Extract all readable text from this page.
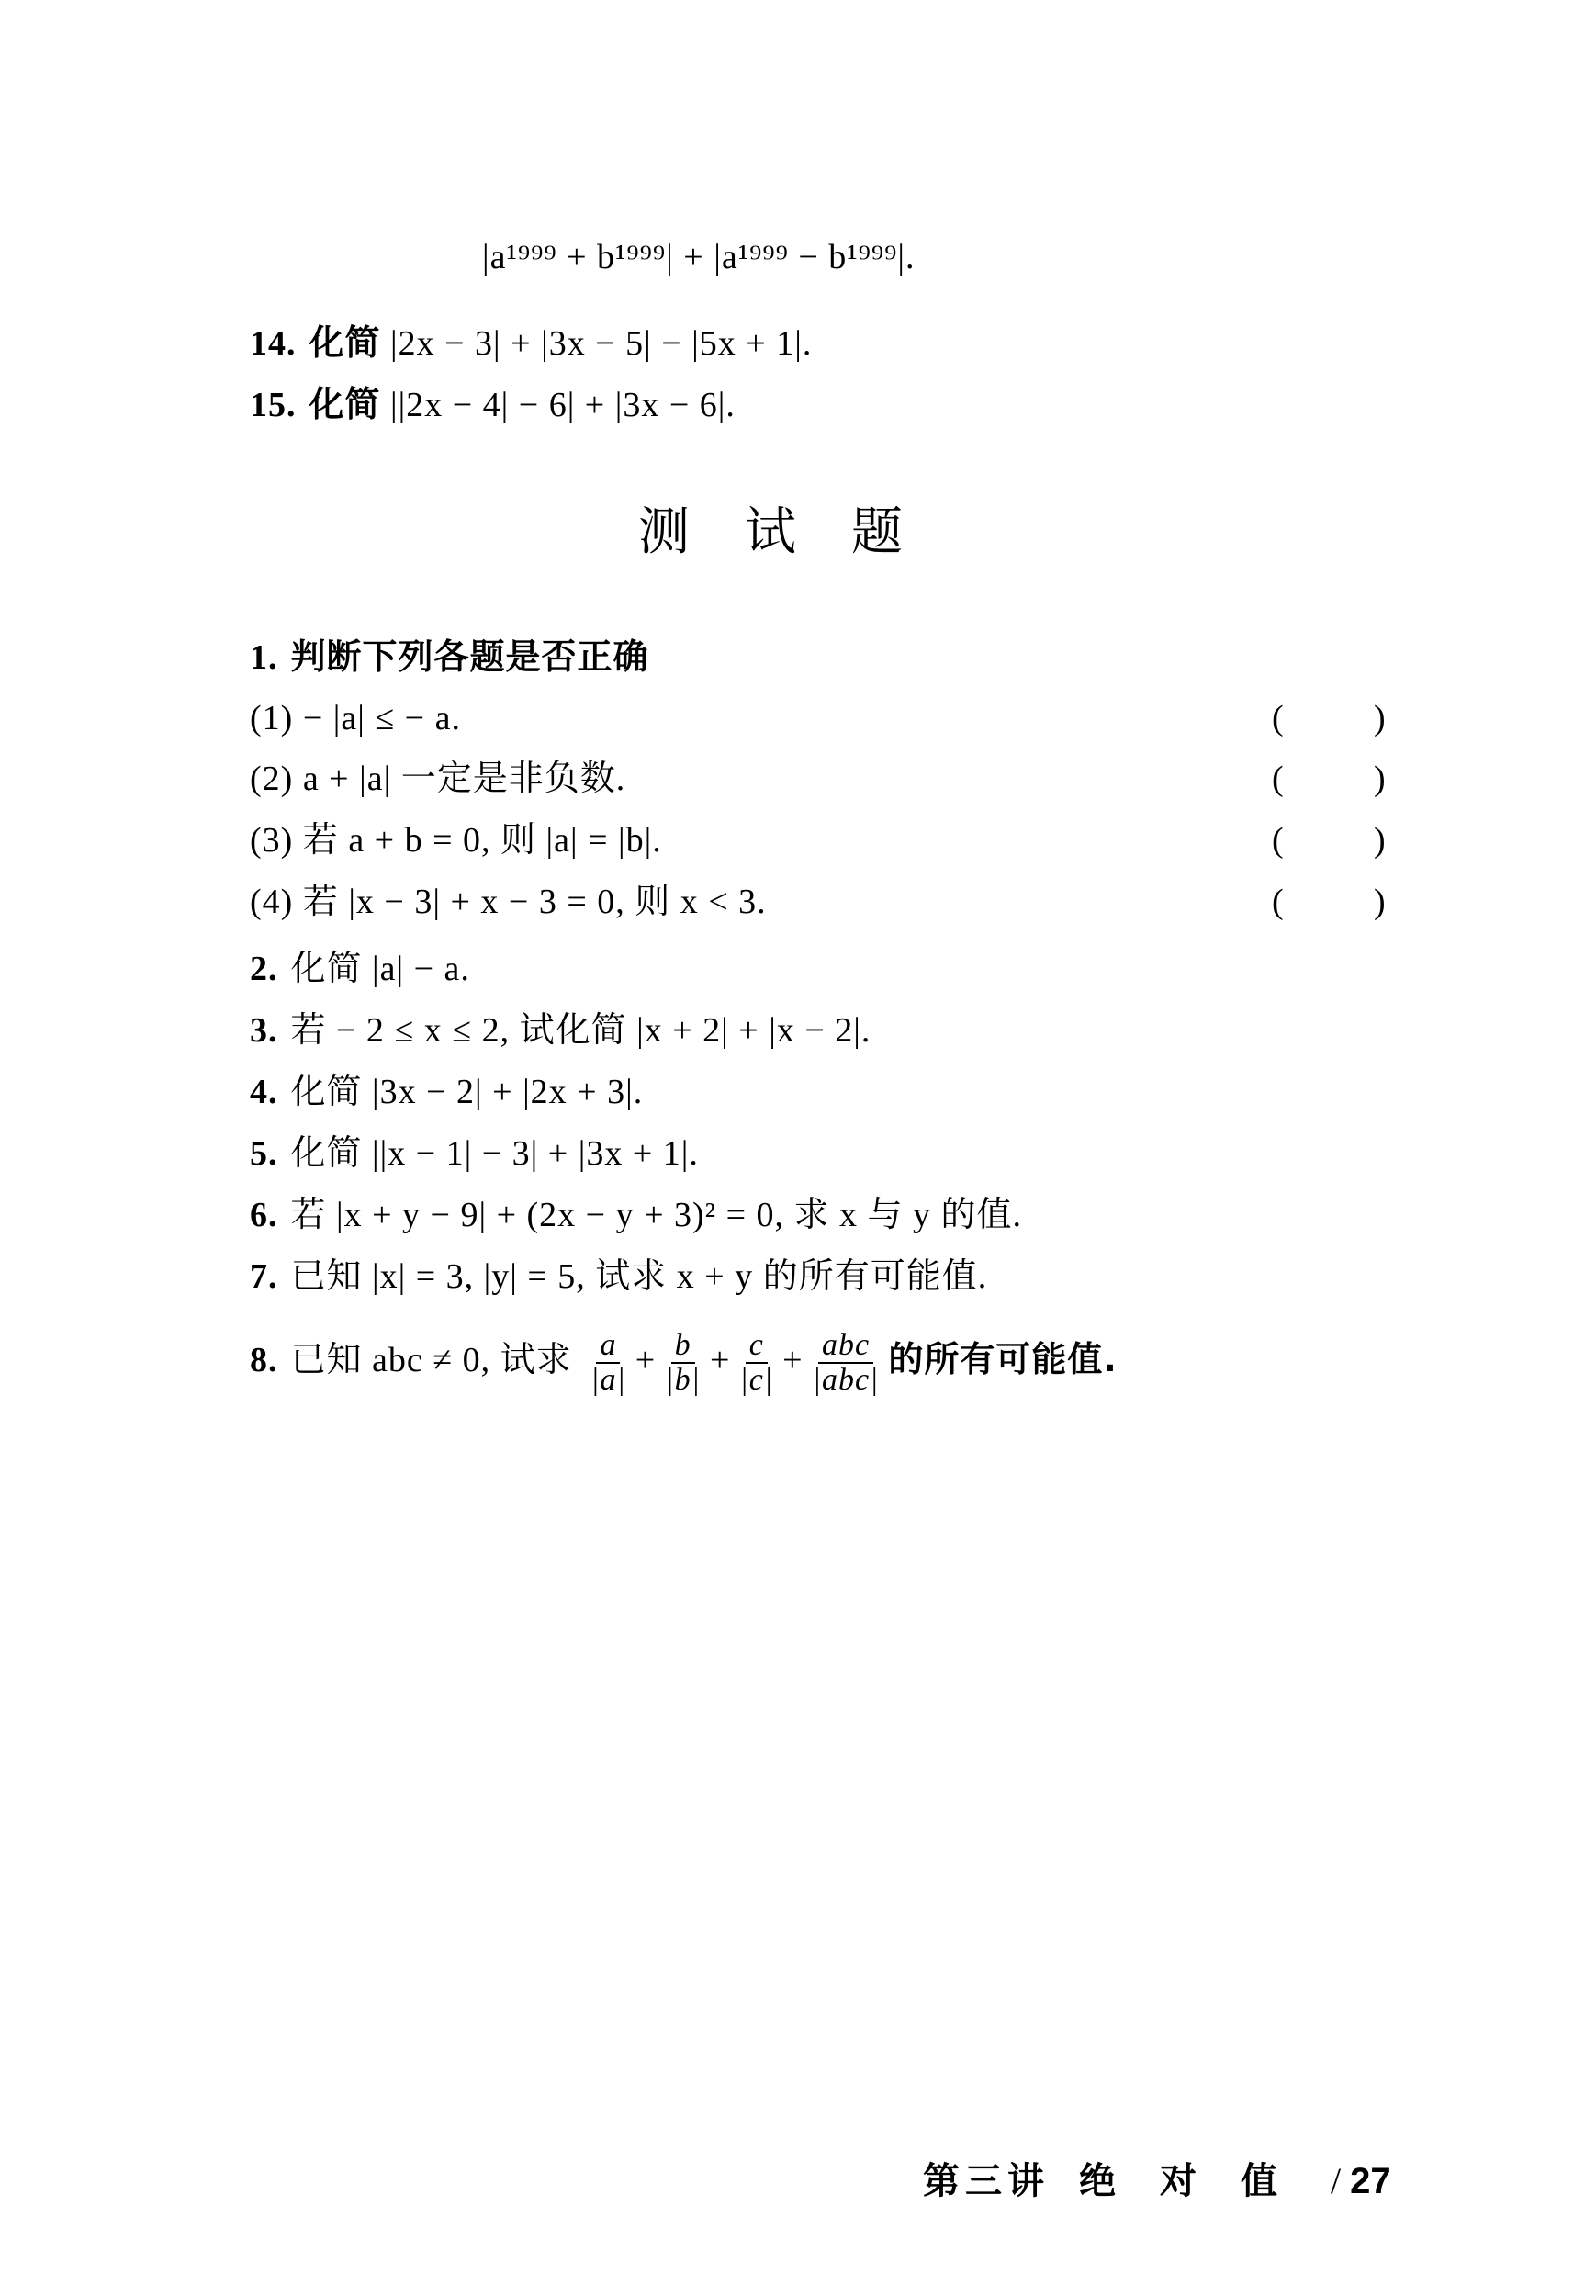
|a¹⁹⁹⁹ + b¹⁹⁹⁹| + |a¹⁹⁹⁹ − b¹⁹⁹⁹|.
14. 化简 |2x − 3| + |3x − 5| − |5x + 1|.
15. 化简 ||2x − 4| − 6| + |3x − 6|.
测试题
1. 判断下列各题是否正确
(1) − |a| ≤ − a.	(	)
(2) a + |a| 一定是非负数.	(	)
(3) 若 a + b = 0, 则 |a| = |b|.	(	)
(4) 若 |x − 3| + x − 3 = 0, 则 x < 3.	(	)
2. 化简 |a| − a.
3. 若 − 2 ≤ x ≤ 2, 试化简 |x + 2| + |x − 2|.
4. 化简 |3x − 2| + |2x + 3|.
5. 化简 ||x − 1| − 3| + |3x + 1|.
6. 若 |x + y − 9| + (2x − y + 3)² = 0, 求 x 与 y 的值.
7. 已知 |x| = 3, |y| = 5, 试求 x + y 的所有可能值.
8. 已知 abc ≠ 0, 试求 $\frac{a}{|a|} + \frac{b}{|b|} + \frac{c}{|c|} + \frac{\text{abc}}{\text{|abc|}}$ 的所有可能值.
第三讲 绝对值 / 27
